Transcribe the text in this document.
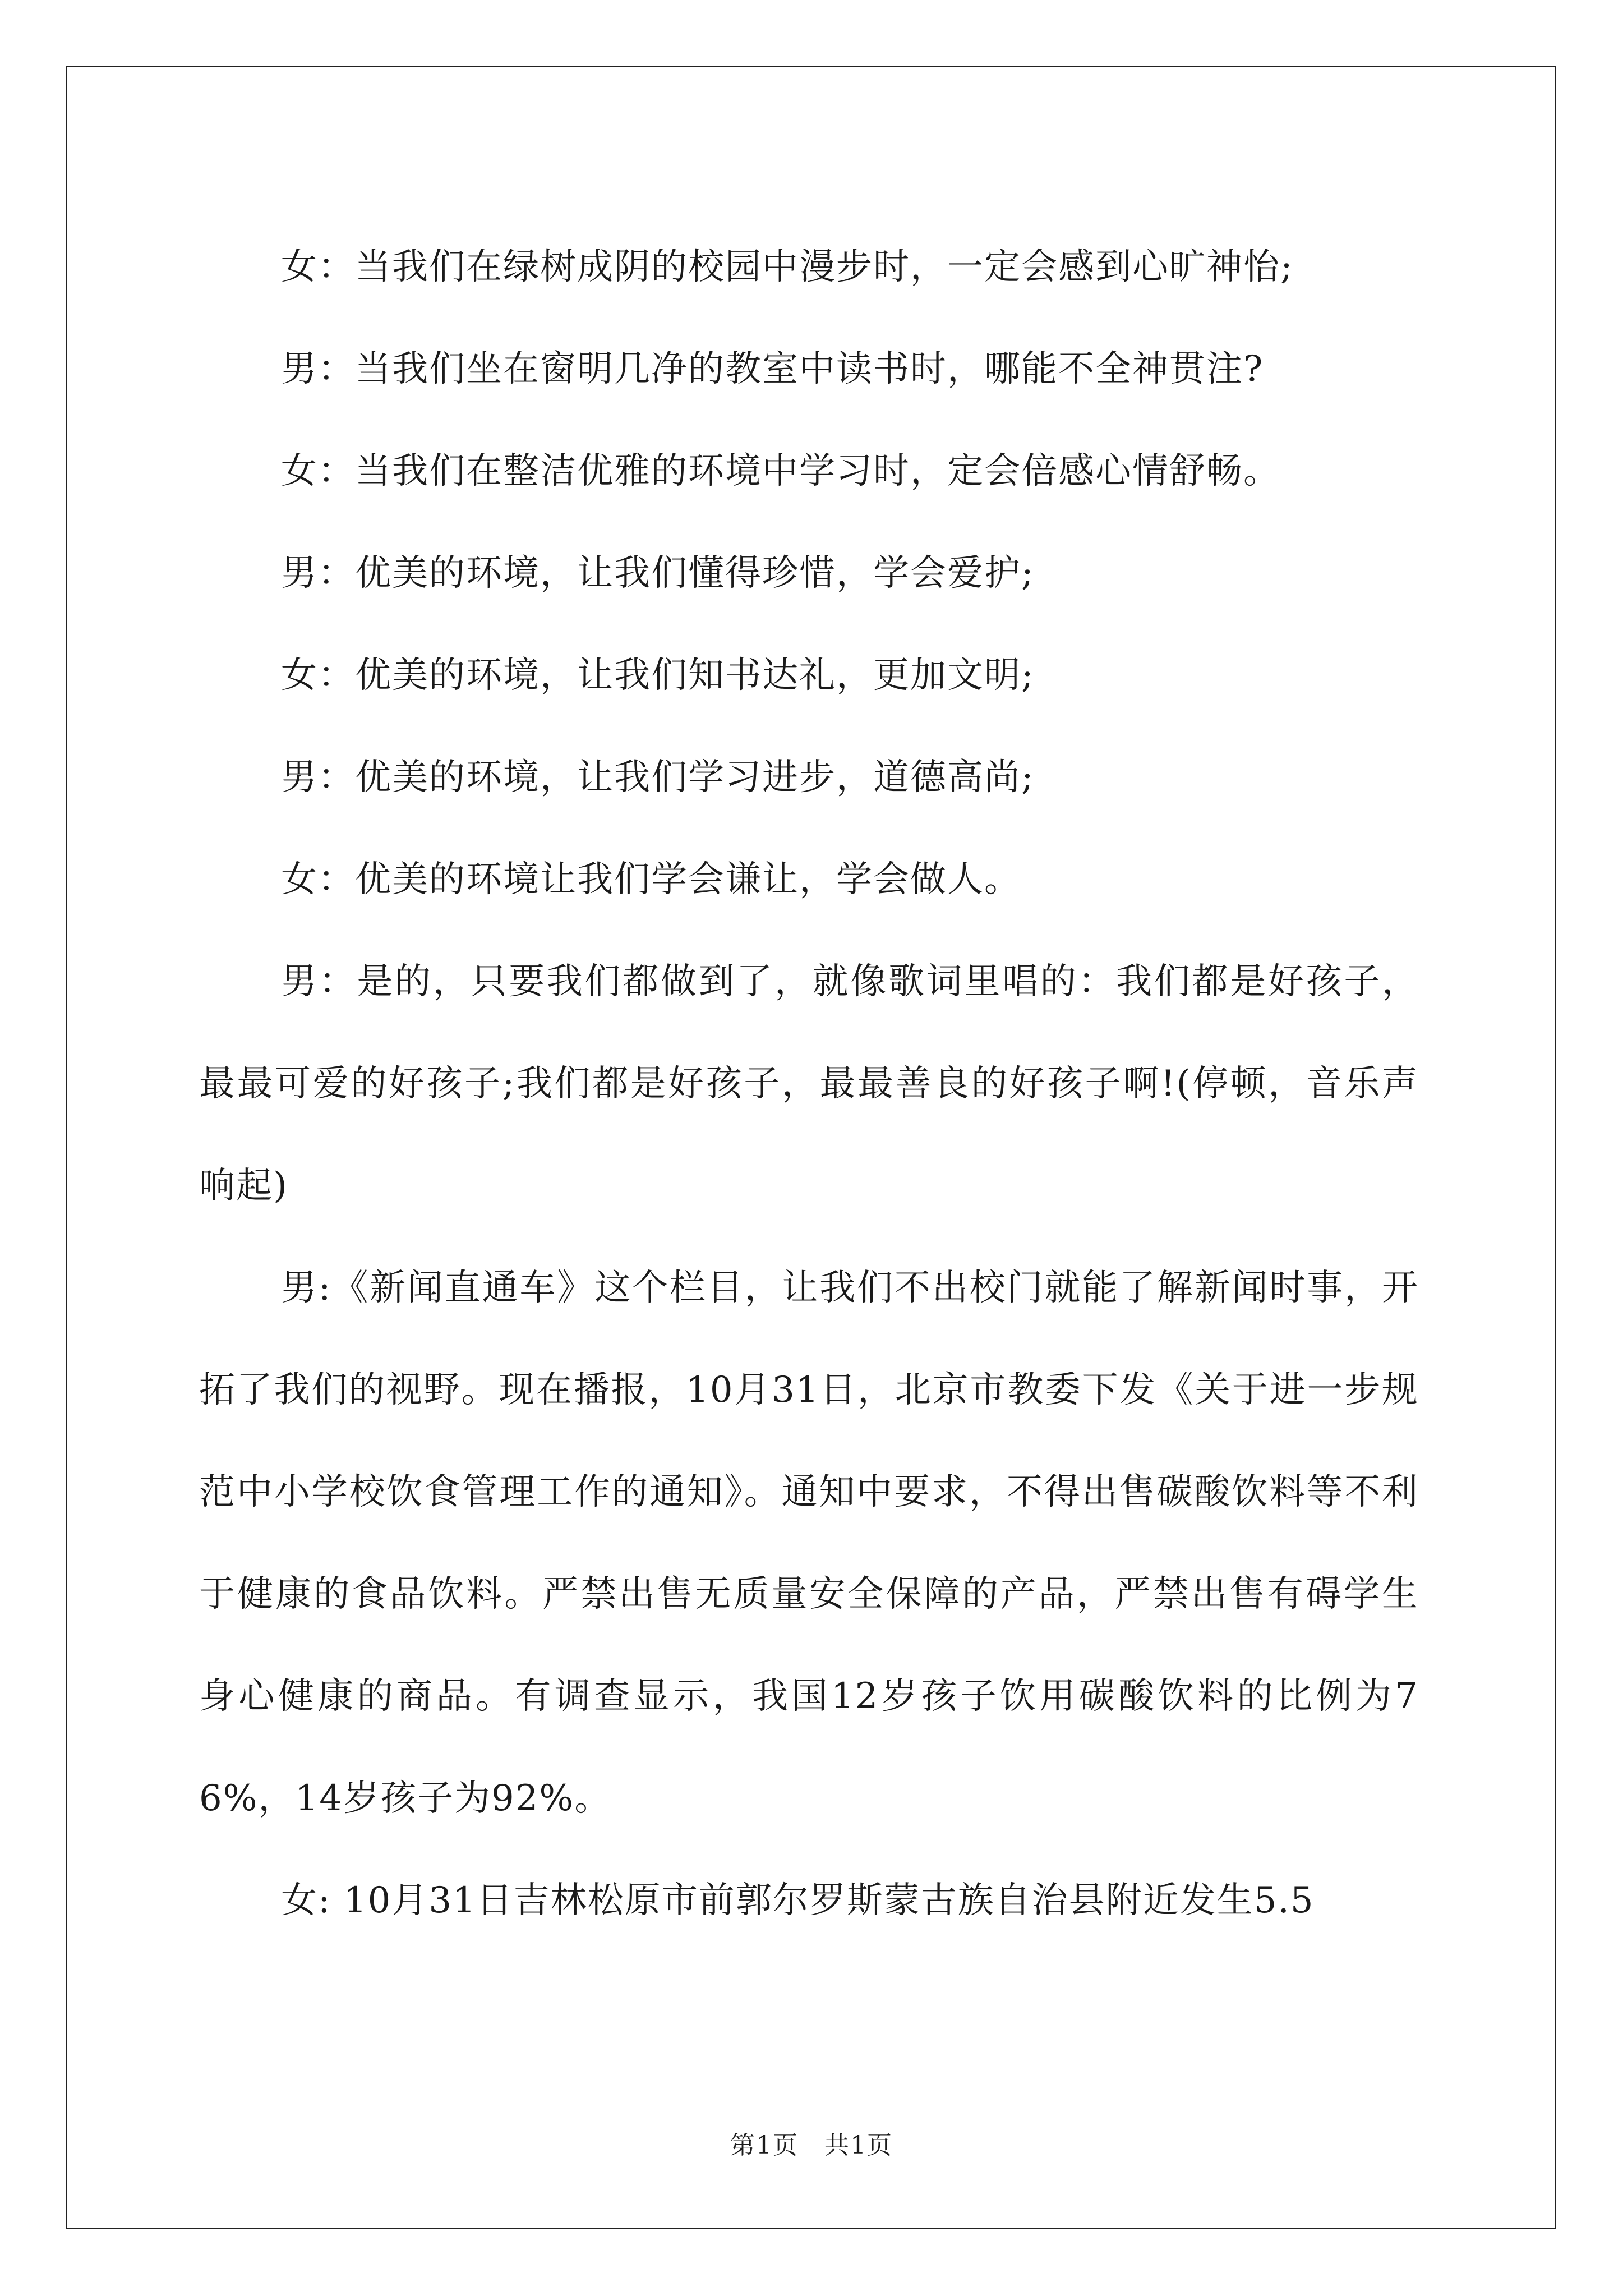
女：当我们在绿树成阴的校园中漫步时，一定会感到心旷神怡;

男：当我们坐在窗明几净的教室中读书时，哪能不全神贯注?

女：当我们在整洁优雅的环境中学习时，定会倍感心情舒畅。

男：优美的环境，让我们懂得珍惜，学会爱护;

女：优美的环境，让我们知书达礼，更加文明;

男：优美的环境，让我们学习进步，道德高尚;

女：优美的环境让我们学会谦让，学会做人。

男：是的，只要我们都做到了，就像歌词里唱的：我们都是好孩子，最最可爱的好孩子;我们都是好孩子，最最善良的好孩子啊!(停顿，音乐声响起)

男:《新闻直通车》这个栏目，让我们不出校门就能了解新闻时事，开拓了我们的视野。现在播报，10月31日，北京市教委下发《关于进一步规范中小学校饮食管理工作的通知》。通知中要求，不得出售碳酸饮料等不利于健康的食品饮料。严禁出售无质量安全保障的产品，严禁出售有碍学生身心健康的商品。有调查显示，我国12岁孩子饮用碳酸饮料的比例为76%，14岁孩子为92%。

女: 10月31日吉林松原市前郭尔罗斯蒙古族自治县附近发生5.5

第1页　共1页
